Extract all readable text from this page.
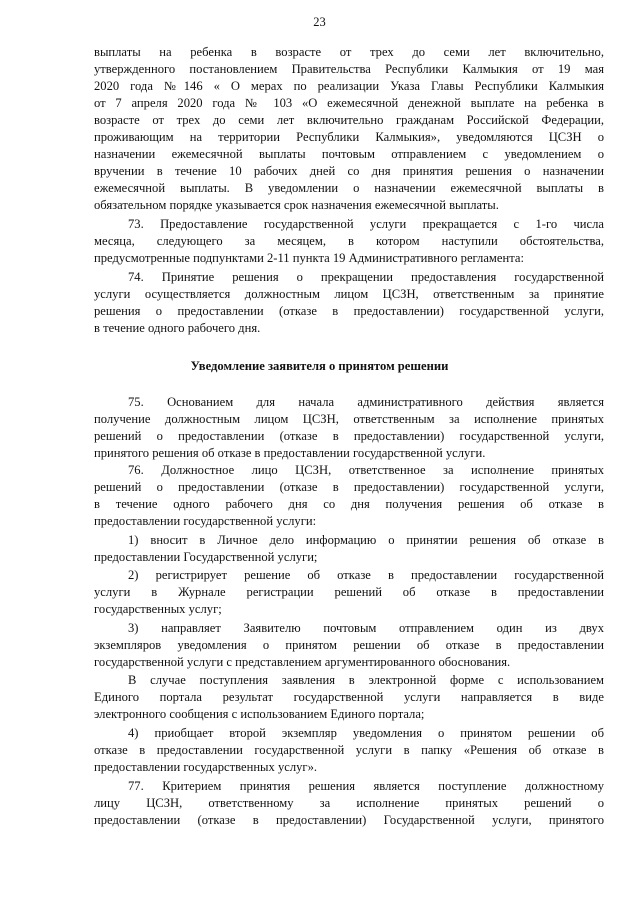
23
выплаты на ребенка в возрасте от трех до семи лет включительно,
утвержденного постановлением Правительства Республики Калмыкия от 19 мая
2020 года №146 « О мерах по реализации Указа Главы Республики Калмыкия
от 7 апреля 2020 года № 103 «О ежемесячной денежной выплате на ребенка в
возрасте от трех до семи лет включительно гражданам Российской Федерации,
проживающим на территории Республики Калмыкия», уведомляются ЦСЗН о
назначении ежемесячной выплаты почтовым отправлением с уведомлением о
вручении в течение 10 рабочих дней со дня принятия решения о назначении
ежемесячной выплаты. В уведомлении о назначении ежемесячной выплаты в
обязательном порядке указывается срок назначения ежемесячной выплаты.
73. Предоставление государственной услуги прекращается с 1-го числа
месяца, следующего за месяцем, в котором наступили обстоятельства,
предусмотренные подпунктами 2-11 пункта 19 Административного регламента:
74. Принятие решения о прекращении предоставления государственной
услуги осуществляется должностным лицом ЦСЗН, ответственным за принятие
решения о предоставлении (отказе в предоставлении) государственной услуги,
в течение одного рабочего дня.
Уведомление заявителя о принятом решении
75. Основанием для начала административного действия является
получение должностным лицом ЦСЗН, ответственным за исполнение принятых
решений о предоставлении (отказе в предоставлении) государственной услуги,
принятого решения об отказе в предоставлении государственной услуги.
76. Должностное лицо ЦСЗН, ответственное за исполнение принятых
решений о предоставлении (отказе в предоставлении) государственной услуги,
в течение одного рабочего дня со дня получения решения об отказе в
предоставлении государственной услуги:
1) вносит в Личное дело информацию о принятии решения об отказе в
предоставлении Государственной услуги;
2) регистрирует решение об отказе в предоставлении государственной
услуги в Журнале регистрации решений об отказе в предоставлении
государственных услуг;
3) направляет Заявителю почтовым отправлением один из двух
экземпляров уведомления о принятом решении об отказе в предоставлении
государственной услуги с представлением аргументированного обоснования.
В случае поступления заявления в электронной форме с использованием
Единого портала результат государственной услуги направляется в виде
электронного сообщения с использованием Единого портала;
4) приобщает второй экземпляр уведомления о принятом решении об
отказе в предоставлении государственной услуги в папку «Решения об отказе в
предоставлении государственных услуг».
77. Критерием принятия решения является поступление должностному
лицу ЦСЗН, ответственному за исполнение принятых решений о
предоставлении (отказе в предоставлении) Государственной услуги, принятого
